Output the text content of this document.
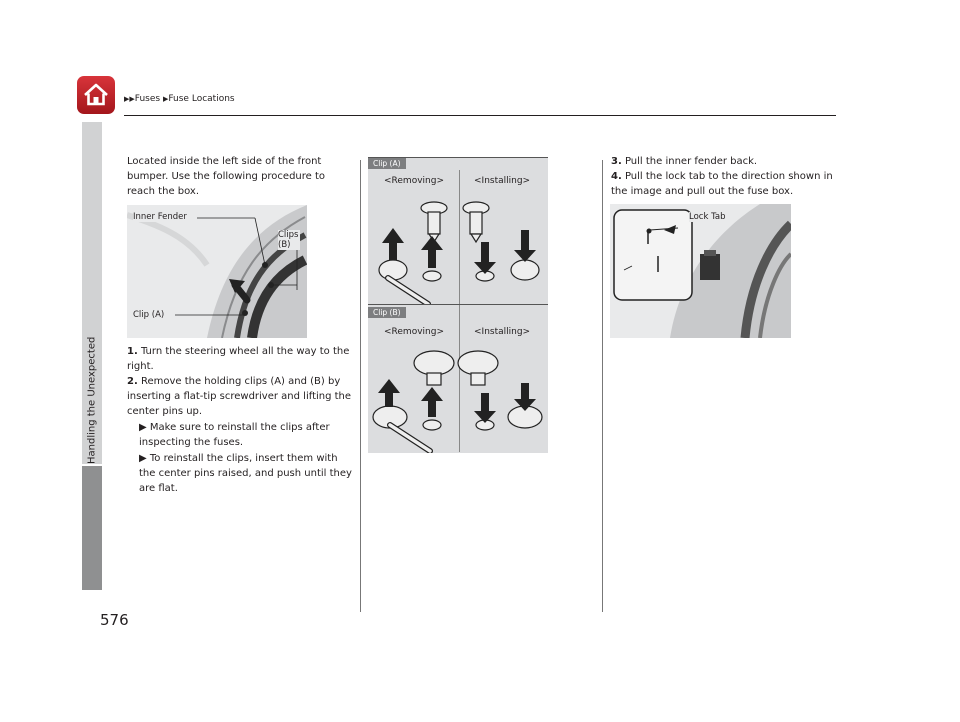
▶▶Fuses ▶Fuse Locations
Handling the Unexpected
576
Located inside the left side of the front bumper. Use the following procedure to reach the box.
Inner Fender
Clips (B)
Clip (A)
1. Turn the steering wheel all the way to the right.
2. Remove the holding clips (A) and (B) by inserting a flat-tip screwdriver and lifting the center pins up.
▶ Make sure to reinstall the clips after inspecting the fuses.
▶ To reinstall the clips, insert them with the center pins raised, and push until they are flat.
Clip (A)
<Removing>	<Installing>
Clip (B)
<Removing>	<Installing>
3. Pull the inner fender back.
4. Pull the lock tab to the direction shown in the image and pull out the fuse box.
Lock Tab
